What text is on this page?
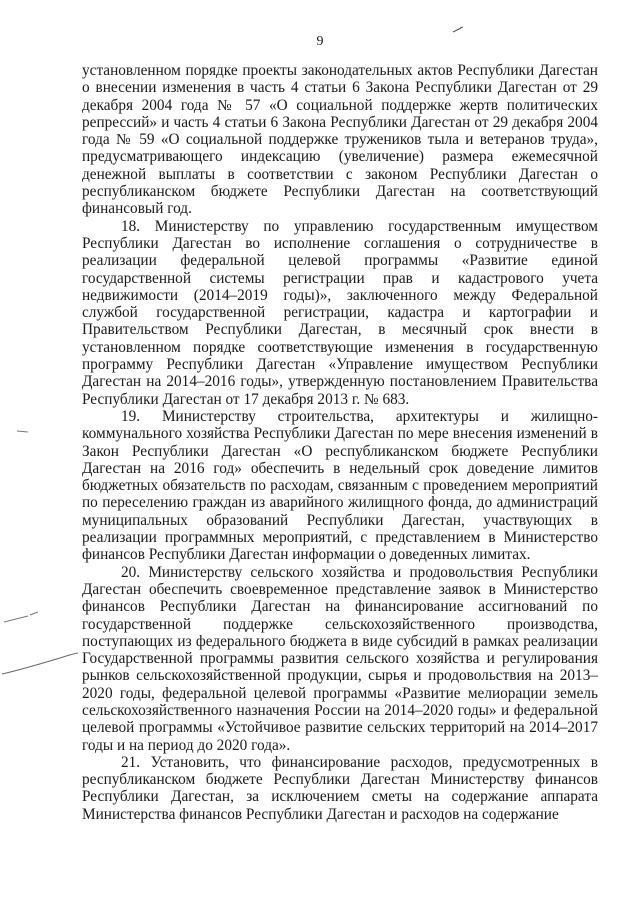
9

установленном порядке проекты законодательных актов Республики Дагестан о внесении изменения в часть 4 статьи 6 Закона Республики Дагестан от 29 декабря 2004 года № 57 «О социальной поддержке жертв политических репрессий» и часть 4 статьи 6 Закона Республики Дагестан от 29 декабря 2004 года № 59 «О социальной поддержке тружеников тыла и ветеранов труда», предусматривающего индексацию (увеличение) размера ежемесячной денежной выплаты в соответствии с законом Республики Дагестан о республиканском бюджете Республики Дагестан на соответствующий финансовый год.

18. Министерству по управлению государственным имуществом Республики Дагестан во исполнение соглашения о сотрудничестве в реализации федеральной целевой программы «Развитие единой государственной системы регистрации прав и кадастрового учета недвижимости (2014–2019 годы)», заключенного между Федеральной службой государственной регистрации, кадастра и картографии и Правительством Республики Дагестан, в месячный срок внести в установленном порядке соответствующие изменения в государственную программу Республики Дагестан «Управление имуществом Республики Дагестан на 2014–2016 годы», утвержденную постановлением Правительства Республики Дагестан от 17 декабря 2013 г. № 683.

19. Министерству строительства, архитектуры и жилищно-коммунального хозяйства Республики Дагестан по мере внесения изменений в Закон Республики Дагестан «О республиканском бюджете Республики Дагестан на 2016 год» обеспечить в недельный срок доведение лимитов бюджетных обязательств по расходам, связанным с проведением мероприятий по переселению граждан из аварийного жилищного фонда, до администраций муниципальных образований Республики Дагестан, участвующих в реализации программных мероприятий, с представлением в Министерство финансов Республики Дагестан информации о доведенных лимитах.

20. Министерству сельского хозяйства и продовольствия Республики Дагестан обеспечить своевременное представление заявок в Министерство финансов Республики Дагестан на финансирование ассигнований по государственной поддержке сельскохозяйственного производства, поступающих из федерального бюджета в виде субсидий в рамках реализации Государственной программы развития сельского хозяйства и регулирования рынков сельскохозяйственной продукции, сырья и продовольствия на 2013–2020 годы, федеральной целевой программы «Развитие мелиорации земель сельскохозяйственного назначения России на 2014–2020 годы» и федеральной целевой программы «Устойчивое развитие сельских территорий на 2014–2017 годы и на период до 2020 года».

21. Установить, что финансирование расходов, предусмотренных в республиканском бюджете Республики Дагестан Министерству финансов Республики Дагестан, за исключением сметы на содержание аппарата Министерства финансов Республики Дагестан и расходов на содержание
